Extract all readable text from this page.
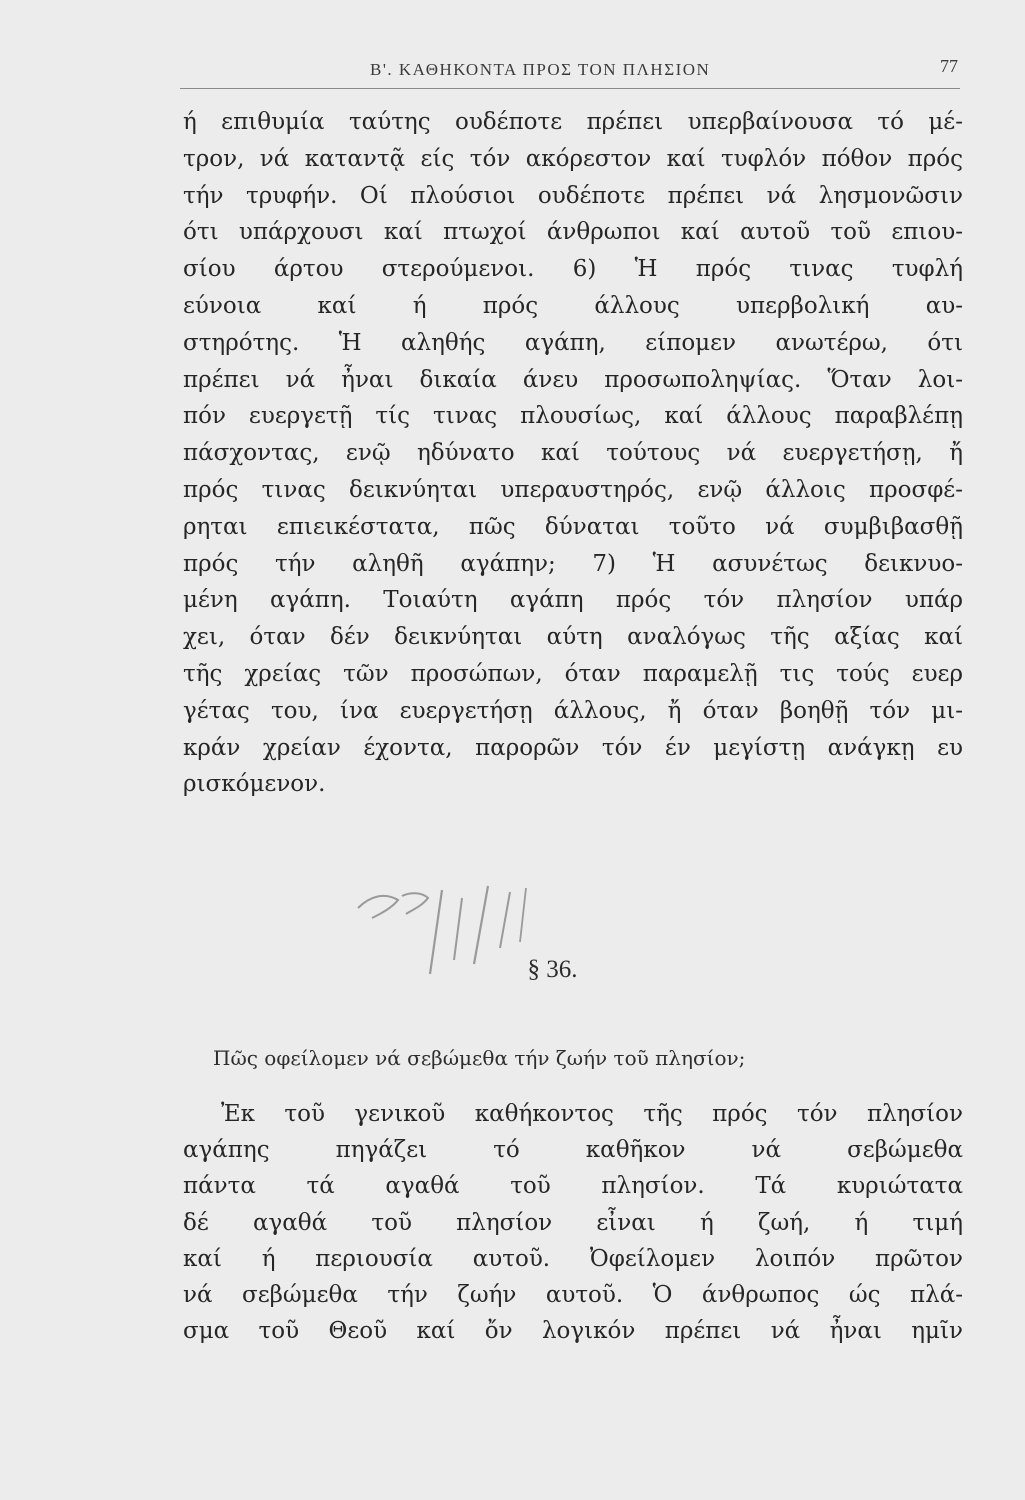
Β'. ΚΑΘΗΚΟΝΤΑ ΠΡΟΣ ΤΟΝ ΠΛΗΣΙΟΝ	77
ή επιθυμία ταύτης ουδέποτε πρέπει υπερβαίνουσα τό μέ-
τρον, νά καταντᾷ είς τόν ακόρεστον καί τυφλόν πόθον πρός
τήν τρυφήν. Οί πλούσιοι ουδέποτε πρέπει νά λησμονῶσιν
ότι υπάρχουσι καί πτωχοί άνθρωποι καί αυτοῦ τοῦ επιου-
σίου άρτου στερούμενοι. 6) Ἡ πρός τινας τυφλή
εύνοια καί ή πρός άλλους υπερβολική αυ-
στηρότης. Ἡ αληθής αγάπη, είπομεν ανωτέρω, ότι
πρέπει νά ἦναι δικαία άνευ προσωποληψίας. Ὅταν λοι-
πόν ευεργετῇ τίς τινας πλουσίως, καί άλλους παραβλέπῃ
πάσχοντας, ενῷ ηδύνατο καί τούτους νά ευεργετήσῃ, ἤ
πρός τινας δεικνύηται υπεραυστηρός, ενῷ άλλοις προσφέ-
ρηται επιεικέστατα, πῶς δύναται τοῦτο νά συμβιβασθῇ
πρός τήν αληθῆ αγάπην; 7) Ἡ ασυνέτως δεικνυο-
μένη αγάπη. Τοιαύτη αγάπη πρός τόν πλησίον υπάρ
χει, όταν δέν δεικνύηται αύτη αναλόγως τῆς αξίας καί
τῆς χρείας τῶν προσώπων, όταν παραμελῇ τις τούς ευερ
γέτας του, ίνα ευεργετήσῃ άλλους, ἤ όταν βοηθῇ τόν μι-
κράν χρείαν έχοντα, παρορῶν τόν έν μεγίστῃ ανάγκῃ ευ
ρισκόμενον.
§ 36.
Πῶς οφείλομεν νά σεβώμεθα τήν ζωήν τοῦ πλησίον;
Ἐκ τοῦ γενικοῦ καθήκοντος τῆς πρός τόν πλησίον
αγάπης πηγάζει τό καθῆκον νά σεβώμεθα
πάντα τά αγαθά τοῦ πλησίον. Τά κυριώτατα
δέ αγαθά τοῦ πλησίον εἶναι ή ζωή, ή τιμή
καί ή περιουσία αυτοῦ. Ὀφείλομεν λοιπόν πρῶτον
νά σεβώμεθα τήν ζωήν αυτοῦ. Ὁ άνθρωπος ώς πλά-
σμα τοῦ Θεοῦ καί ὄν λογικόν πρέπει νά ἦναι ημῖν
